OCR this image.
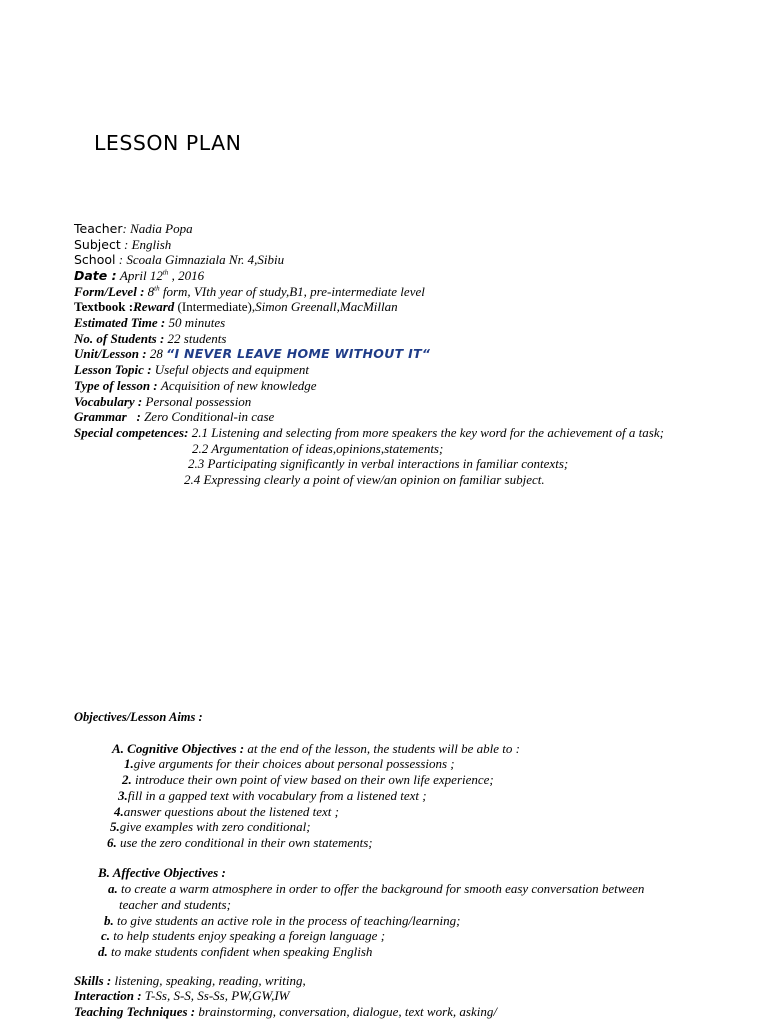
LESSON PLAN
Teacher: Nadia Popa
Subject : English
School : Scoala Gimnaziala Nr. 4,Sibiu
Date : April 12th , 2016
Form/Level : 8th form, VIth year of study,B1, pre-intermediate level
Textbook :Reward (Intermediate),Simon Greenall,MacMillan
Estimated Time : 50 minutes
No. of Students : 22 students
Unit/Lesson : 28 “I NEVER LEAVE HOME WITHOUT IT“
Lesson Topic : Useful objects and equipment
Type of lesson : Acquisition of new knowledge
Vocabulary : Personal possession
Grammar   : Zero Conditional-in case
Special competences: 2.1 Listening and selecting from more speakers the key word for the achievement of a task;
2.2 Argumentation of ideas,opinions,statements;
2.3 Participating significantly in verbal interactions in familiar contexts;
2.4 Expressing clearly a point of view/an opinion on familiar subject.
Objectives/Lesson Aims :
A. Cognitive Objectives : at the end of the lesson, the students will be able to :
1.give arguments for their choices about personal possessions ;
2. introduce their own point of view based on their own life experience;
3.fill in a gapped text with vocabulary from a listened text ;
4.answer questions about the listened text ;
5.give examples with zero conditional;
6. use the zero conditional in their own statements;
B. Affective Objectives :
a. to create a warm atmosphere in order to offer the background for smooth easy conversation between
teacher and students;
b. to give students an active role in the process of teaching/learning;
c. to help students enjoy speaking a foreign language ;
d. to make students confident when speaking English
Skills : listening, speaking, reading, writing,
Interaction : T-Ss, S-S, Ss-Ss, PW,GW,IW
Teaching Techniques : brainstorming, conversation, dialogue, text work, asking/
